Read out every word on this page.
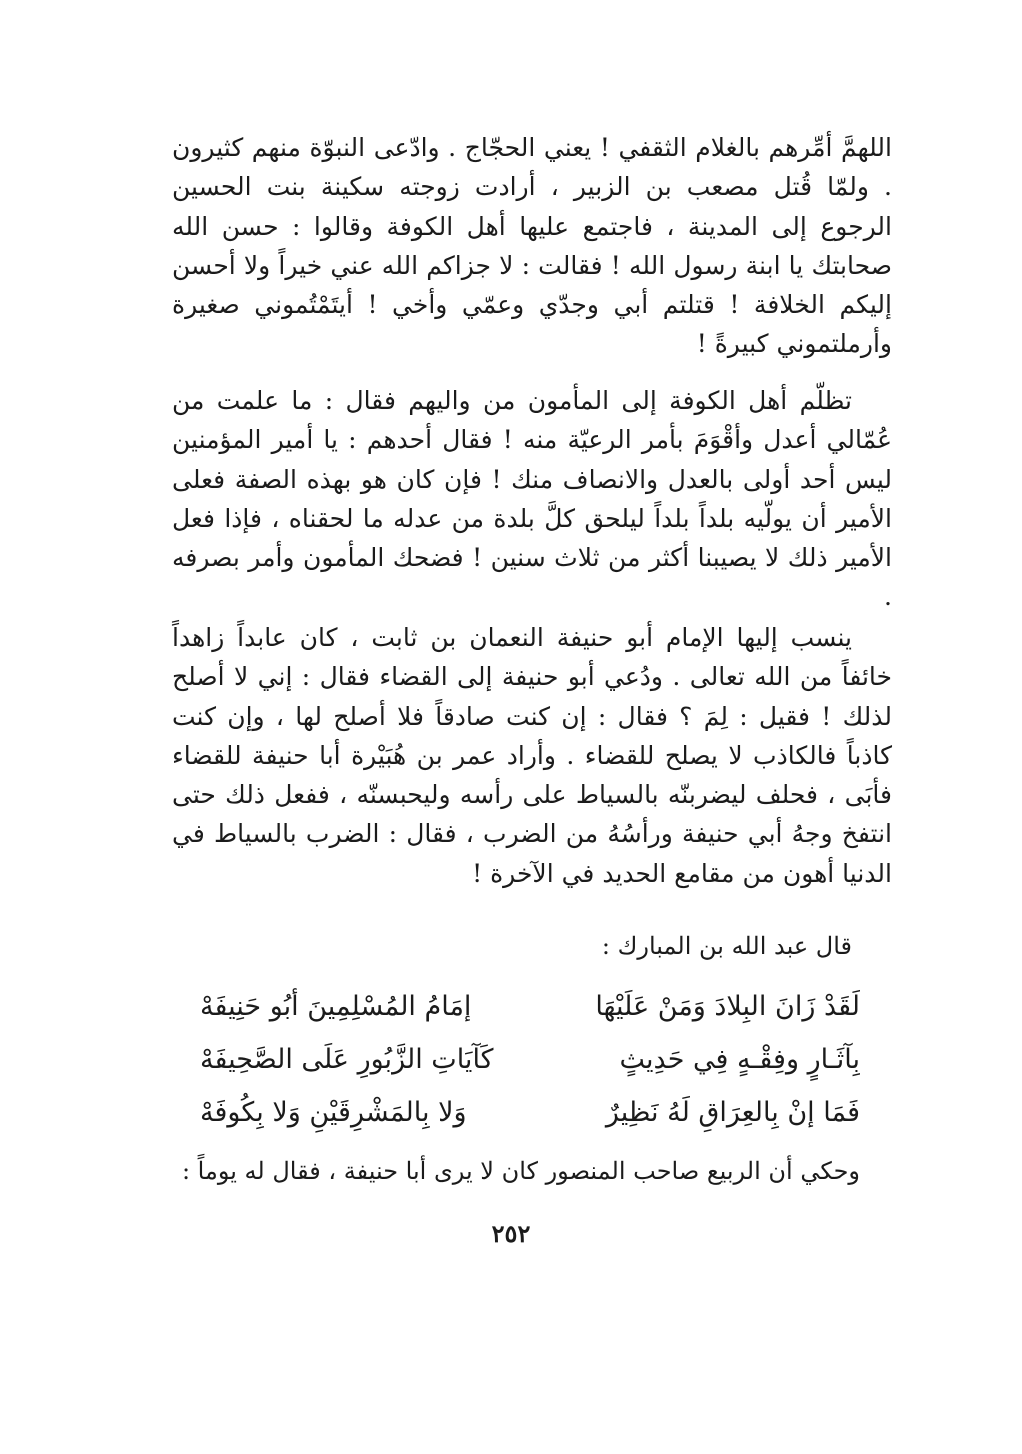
اللهمَّ أمِّرهم بالغلام الثقفي ! يعني الحجّاج . وادّعى النبوّة منهم كثيرون . ولمّا قُتل مصعب بن الزبير ، أرادت زوجته سكينة بنت الحسين الرجوع إلى المدينة ، فاجتمع عليها أهل الكوفة وقالوا : حسن الله صحابتك يا ابنة رسول الله ! فقالت : لا جزاكم الله عني خيراً ولا أحسن إليكم الخلافة ! قتلتم أبي وجدّي وعمّي وأخي ! أيتَمْتُموني صغيرة وأرملتموني كبيرةً !

تظلّم أهل الكوفة إلى المأمون من واليهم فقال : ما علمت من عُمّالي أعدل وأقْوَمَ بأمر الرعيّة منه ! فقال أحدهم : يا أمير المؤمنين ليس أحد أولى بالعدل والانصاف منك ! فإن كان هو بهذه الصفة فعلى الأمير أن يولّيه بلداً بلداً ليلحق كلَّ بلدة من عدله ما لحقناه ، فإذا فعل الأمير ذلك لا يصيبنا أكثر من ثلاث سنين ! فضحك المأمون وأمر بصرفه .

ينسب إليها الإمام أبو حنيفة النعمان بن ثابت ، كان عابداً زاهداً خائفاً من الله تعالى . ودُعي أبو حنيفة إلى القضاء فقال : إني لا أصلح لذلك ! فقيل : لِمَ ؟ فقال : إن كنت صادقاً فلا أصلح لها ، وإن كنت كاذباً فالكاذب لا يصلح للقضاء . وأراد عمر بن هُبَيْرة أبا حنيفة للقضاء فأبَى ، فحلف ليضربنّه بالسياط على رأسه وليحبسنّه ، ففعل ذلك حتى انتفخ وجهُ أبي حنيفة ورأسُهُ من الضرب ، فقال : الضرب بالسياط في الدنيا أهون من مقامع الحديد في الآخرة !

قال عبد الله بن المبارك :
لَقَدْ زَانَ البِلادَ وَمَنْ عَلَيْهَا
إمَامُ المُسْلِمِينَ أبُو حَنِيفَهْ
بِآثَـارٍ وفِقْـهٍ فِي حَدِيثٍ
كَآيَاتِ الزَّبُورِ عَلَى الصَّحِيفَهْ
فَمَا إنْ بِالعِرَاقِ لَهُ نَظِيرٌ
وَلا بِالمَشْرِقَيْنِ وَلا بِكُوفَهْ
وحكي أن الربيع صاحب المنصور كان لا يرى أبا حنيفة ، فقال له يوماً :
٢٥٢
